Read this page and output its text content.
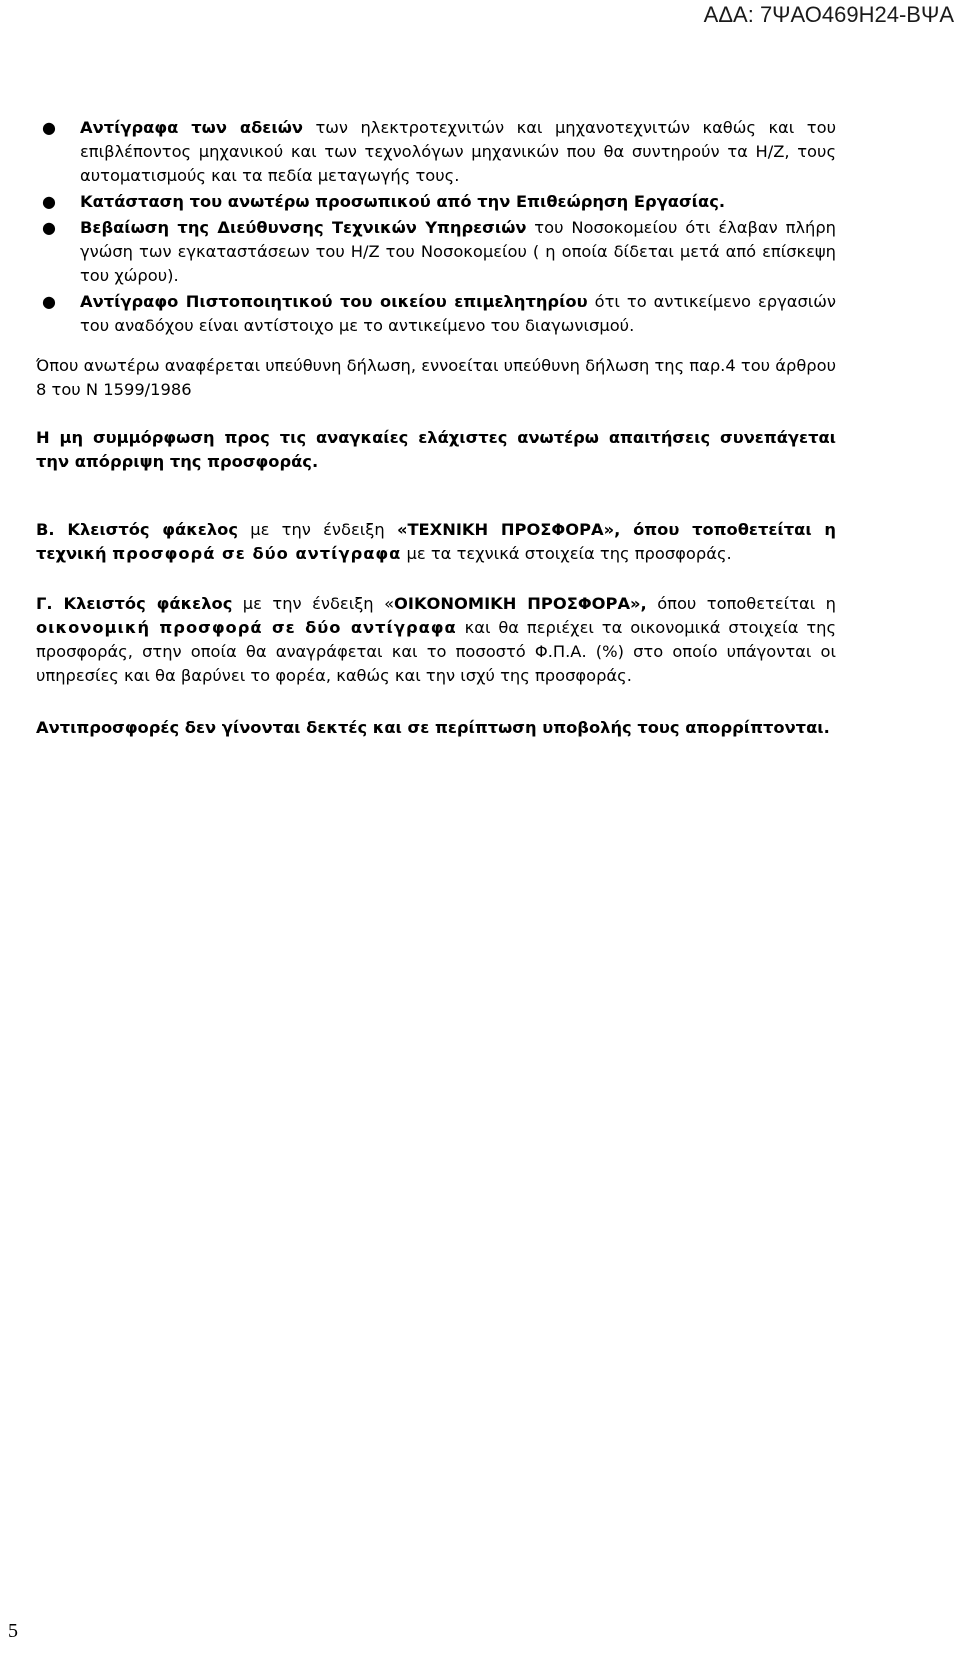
ΑΔΑ: 7ΨΑΟ469Η24-ΒΨΑ
● Αντίγραφα των αδειών των ηλεκτροτεχνιτών και μηχανοτεχνιτών καθώς και του επιβλέποντος μηχανικού και των τεχνολόγων μηχανικών που θα συντηρούν τα Η/Ζ, τους αυτοματισμούς και τα πεδία μεταγωγής τους.
● Κατάσταση του ανωτέρω προσωπικού από την Επιθεώρηση Εργασίας.
● Βεβαίωση της Διεύθυνσης Τεχνικών Υπηρεσιών του Νοσοκομείου ότι έλαβαν πλήρη γνώση των εγκαταστάσεων του Η/Ζ του Νοσοκομείου ( η οποία δίδεται μετά από επίσκεψη του χώρου).
● Αντίγραφο Πιστοποιητικού του οικείου επιμελητηρίου ότι το αντικείμενο εργασιών του αναδόχου είναι αντίστοιχο με το αντικείμενο του διαγωνισμού.

Όπου ανωτέρω αναφέρεται υπεύθυνη δήλωση, εννοείται υπεύθυνη δήλωση της παρ.4 του άρθρου 8 του Ν 1599/1986

Η μη συμμόρφωση προς τις αναγκαίες ελάχιστες ανωτέρω απαιτήσεις συνεπάγεται την απόρριψη της προσφοράς.

Β. Κλειστός φάκελος με την ένδειξη «ΤΕΧΝΙΚΗ ΠΡΟΣΦΟΡΑ», όπου τοποθετείται η τεχνική προσφορά σε δύο αντίγραφα με τα τεχνικά στοιχεία της προσφοράς.

Γ. Κλειστός φάκελος με την ένδειξη «ΟΙΚΟΝΟΜΙΚΗ ΠΡΟΣΦΟΡΑ», όπου τοποθετείται η οικονομική προσφορά σε δύο αντίγραφα και θα περιέχει τα οικονομικά στοιχεία της προσφοράς, στην οποία θα αναγράφεται και το ποσοστό Φ.Π.Α. (%) στο οποίο υπάγονται οι υπηρεσίες και θα βαρύνει το φορέα, καθώς και την ισχύ της προσφοράς.

Αντιπροσφορές δεν γίνονται δεκτές και σε περίπτωση υποβολής τους απορρίπτονται.

5
